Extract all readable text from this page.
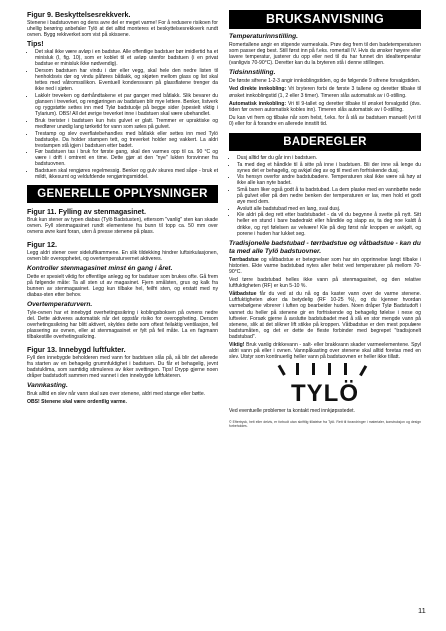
Figur 9. Beskyttelsesrekkverk.

Stenene i badstuovnen og dens avre del er meget varme! For å redusere risikoen for uhellig berøring anbefaler Tylö at det alltid monteres et beskyttelsesrekkverk rundt ovnen. Bygg rekkverket som vist på skissene.

Tips!
• Det skal ikke være avløp i en badstue. Alle offentlige badstuer bør imidlertid ha et minisluk (I, fig. 10), som er koblet til et avløp utenfor badstuen (i en privat badstue er minisluk ikke nødvendig).
• Dersom badstuen har vindu i dør eller vegg, skal hele den nedre listen til henholdsvis dør og vindu påføres båtlakk, og skjøten mellom glass og list skal tettes med våtromssilikon. Eventuell kondensvann på glassflatene trenger da ikke ned i sjøten.
• Lakkér treveken og dørhåndtakene et par ganger med båtlakk. Slik bevarer du glansen i treverket, og rengjøringen av badstuen blir mye lettere. Benker, listverk og ryggstøtte settes inn med Tylø badstuolje på begge sider (spesielt viktig i Tylarium). OBS! All det øvrige treverket inne i badstuen skal være ubehandlet.
• Bruk trerister i badstuen kun hvis gulvet er glatt. Tremmer er upraktiske og medfører unødig lang tørketid for vann som søles på gulvet.
• Trestamp og slev overflatebehandles med båtlakk eller settes inn med Tylö badstuolje. Da holder stampen tett, og treverket holder seg vakkert. La aldri trestampen stå igjen i badstuen etter badet.
• Før badstuen tas i bruk for første gang, skal den varmes opp til ca. 90 °C og være i drift i omtrent en time. Dette gjør at den "nye" lukten forsvinner fra badstuovnen.
• Badstuen skal rengjøres regelmessig. Benker og gulv skures med såpe - bruk et mildt, ikkesurnt og veldufdende rengjøringsmiddel.
GENERELLE OPPLYSNINGER
Figur 11. Fylling av stenmagasinet.

Bruk kun stener av typen diabas (Tylö Badstusten), ettersom "vanlig" sten kan skade ovnen. Fyll stenmagasinet rundt elementene fra bunn til topp ca. 50 mm over ovnens øvre kant foran, uten å presse stenene på plass.

Figur 12.

Legg aldri stener over sideluftkammene. En slik tildekking hindrer luftsirkulasjonen, ovnen blir overopphetet, og overtemperaturvernet aktiveres.

Kontroller stenmagasinet minst én gang i året.

Dette er spesielt viktig for offentlige anlegg og for badstuer som brukes ofte. Gå frem på følgende måte: Ta all sten ut av magasinet. Fjern smålsten, grus og kalk fra bunnen av stenmagasinet. Legg kun tilbake hel, feilfri sten, og erstatt med ny diabas-sten etter behov.

Overtemperaturvern.

Tyle-ovnen har et innebygd overhetingssikring i koblingsboksen på ovnens nedre del. Dette aktiveres automatisk når det oppstår risiko for overoppheting. Dersom overhetingssikring har blitt aktivert, skyldes dette som oftest feilaktig ventilasjon, feil plassering av ovnen, eller at stenmagasinet er fylt på feil måte. La en fagmann tilbakestille overhetingssikring.

Figur 13. Innebygd luftfukter.

Fyll den innebygde beholderen med vann for badstuen slås på, så blir det allerede fra starten av en behagelig grumnfuktighet i badstuen. Du får et behagelig, jevnt badstuklima, som samtidig stimuleres av ikker svettingen. Tips! Drypp gjerne noen dråper badstudoft sammen med vannet i den innebygde luftfukteren.

Vannkasting.

Bruk alltid en slev når vann skal søs over stenene, aldri med stange eller bøtte.

OBS! Stenene skal være ordentlig varme.

BRUKSANVISNING
Temperaturinnstilling.

Romertallene angir en stigende varmeskala. Prøv deg frem til den badetemperaturen som passer deg best. Still først inn på f.eks. romertall IV. Hvis du ønsker høyere eller lavere temperatur, justerer du opp eller ned til du har funnet din idealtemperatur (vanligvis 70-90°C). Deretter kan du la bryteren stå i denne stillingen.

Tidsinnstilling.

De første sifrene 1-2-3 angir innkoblingstiden, og de følgende 9 sifrene forvalgstiden.

Ved direkte innkobling: Vri bryteren forbi de første 3 tallene og deretter tilbake til ønsket innkoblingstid (1, 2 eller 3 timer). Timeren slås automatisk av i 0-stilling.

Automatisk innkobling: Vri til 9-tallet og deretter tilbake til ønsket forvalgstid (dvs. tiden før ovnen automatisk kobles inn). Timeren slås automatisk av i 0-stilling.

Du kan vri frem og tilbake når som helst, f.eks. for å slå av badstuen manuelt (vri til 0) eller for å forandre en allerede innstilt tid.

BADEREGLER
• Dusj alltid før du går inn i badstuen.
• Ta med deg et håndkle til å sitte på inne i badstuen. Bli der inne så lenge du synes det er behagelig, og avkjøl deg av og til med en forfriskende dusj.
• Vis hensyn overfor andre badstubadere. Temperaturen skal ikke være så høy at ikke alle kan nyte badet.
• Små barn liker også godt å ta badstubad. La dem plaske med en vannbøtte nede på gulvet eller på den nedre benken der temperaturen er lav, men hold et godt øye med dem.
• Avslutt alle badstubad med en lang, sval dusj.
• Kle aldri på deg rett etter badstubadet - da vil du begynne å svette på nytt. Sitt heller en stund i bare badedrakt eller håndkle og slapp av, ta deg noe kaldt å drikke, og nyt følelsen av velvære! Kle på deg først når kroppen er avkjølt, og porene i huden har lukket seg.
Tradisjonelle badstubad - tørrbadstue og våtbadstue - kan du ta med alle Tylö badstuovner.

Tørrbadstue og våtbadstue er betegnelser som har sin opprinnelse langt tilbake i historien. Ekte varme badstubad nytes aller helst ved temperaturer på mellom 70-90°C.

Ved tørre badstubad helles ikke vann på stenmagasinet, og den relative luftfuktigheten (RF) er kun 5-10 %.

Våtbadstue får du ved at du nå og da kaster vann over de varme stenene. Luftfuktigheten øker da betydelig (RF 10-25 %), og du kjenner hvordan varmebølgene vibrerer i luften og bearbeider huden. Noen dråper Tylø Badstudoft i vannet du heller på stenene gir en forfriskende og behagelig følelse i nese og luftveier. Forsøk gjerne å avslutte badstubadet med å slå en stor mengde vann på stenene, slik at det slikner lift stikke på kroppen. Våtbadstue er den mest populære badstumåten, og det er dette de fleste forbinder med begrepet "tradisjonelt badstubad".

Viktig! Bruk vanlig drikkevann - salt- eller brakkvann skader varmeelementene. Spyl aldri vann på eller i ovnen. Vannpåkasting over stenene skal alltid foretas med en slev. Utstyr som kontinuerlig heller vann på badstuovnen er heller ikke tillatt.

TYLÖ

Ved eventuelle problemer ta kontakt med innkjøpsstedet.

© Eftertryck, helt eller delvis, er forbudt utan skriftlig tillatelse fra Tylö. Rett til forandringer i materialer, konstruksjon og design forbeholdes.

11
